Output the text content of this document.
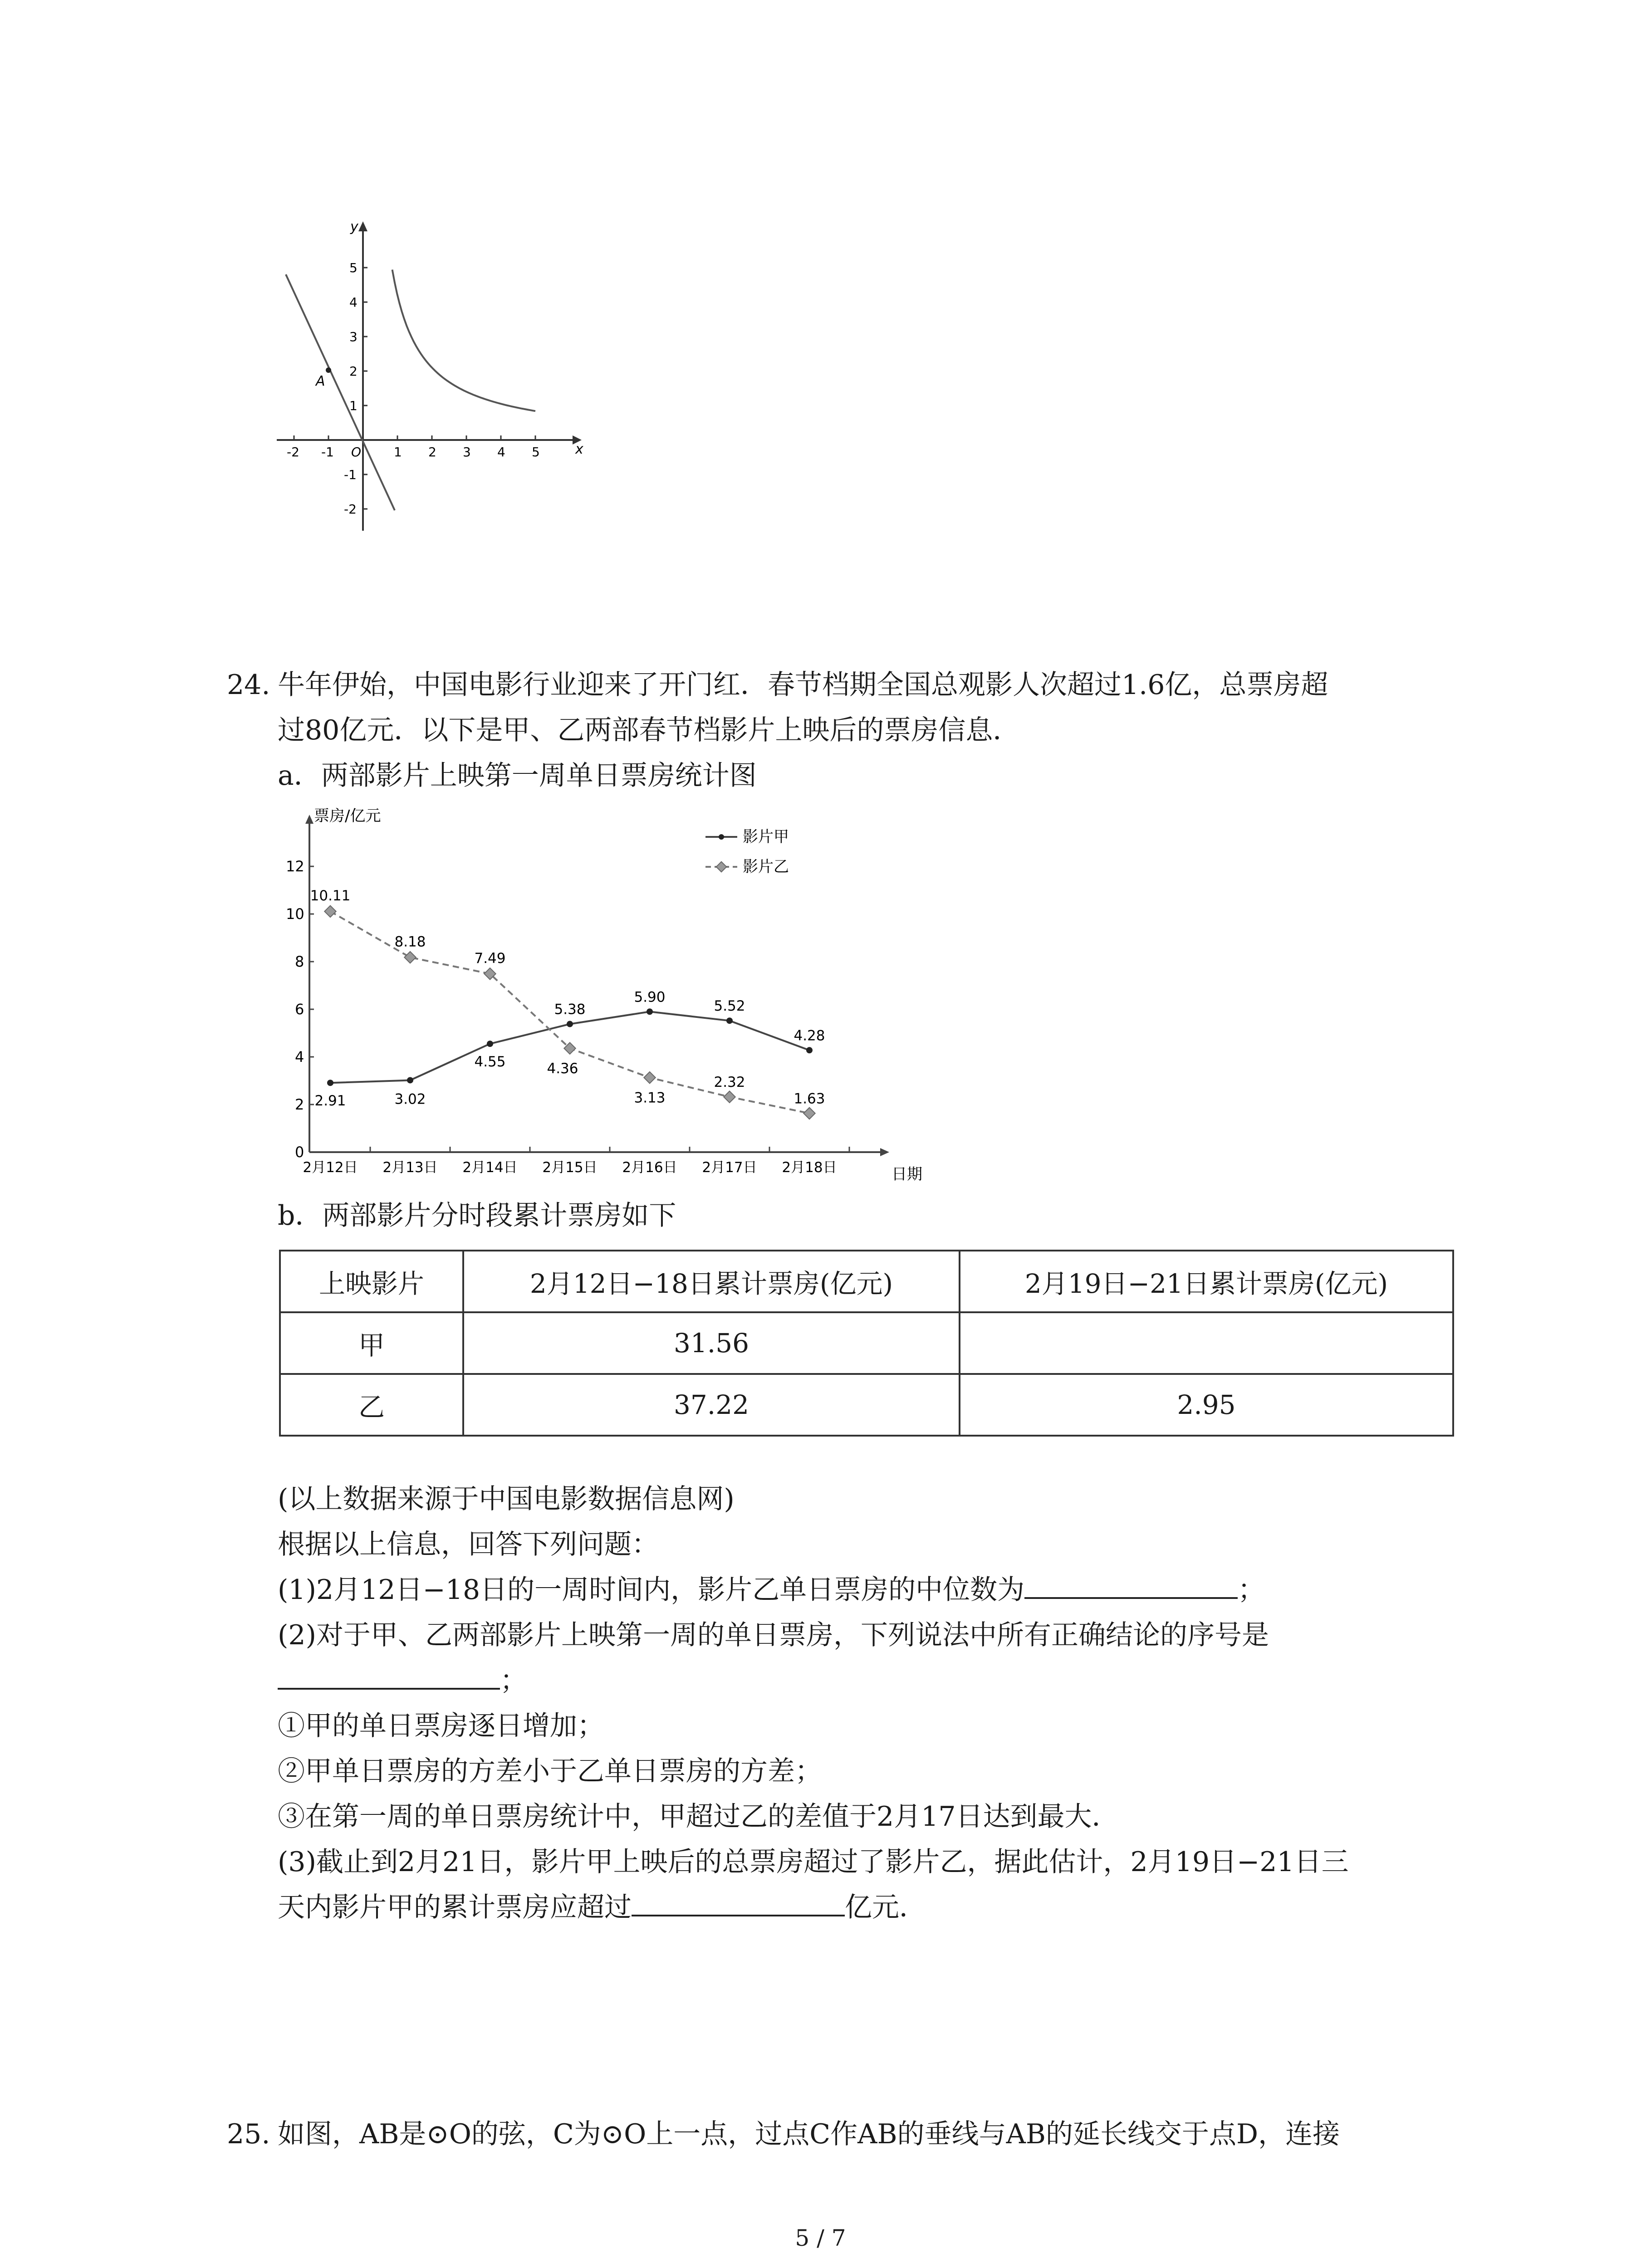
x
y
-2 -1 O	1 2 3 4 5
5
4
3
2
1
-1
-2
A
24. 牛年伊始，中国电影行业迎来了开门红．春节档期全国总观影人次超过1.6亿，总票房超
过80亿元．以下是甲、乙两部春节档影片上映后的票房信息．
a．两部影片上映第一周单日票房统计图
票房/亿元
日期
0
2
4
6
8
10
12
2月12日 2月13日 2月14日 2月15日 2月16日 2月17日 2月18日
2.91	3.02
4.55
5.38
5.90
5.52
4.28
10.11
8.18
7.49
4.36
3.13
2.32
1.63
影片甲
影片乙
b．两部影片分时段累计票房如下
上映影片	2月12日−18日累计票房(亿元)	2月19日−21日累计票房(亿元)
甲	31.56	
乙	37.22	2.95
(以上数据来源于中国电影数据信息网)
根据以上信息，回答下列问题：
(1)2月12日−18日的一周时间内，影片乙单日票房的中位数为	；
(2)对于甲、乙两部影片上映第一周的单日票房，下列说法中所有正确结论的序号是
；
①甲的单日票房逐日增加；
②甲单日票房的方差小于乙单日票房的方差；
③在第一周的单日票房统计中，甲超过乙的差值于2月17日达到最大．
(3)截止到2月21日，影片甲上映后的总票房超过了影片乙，据此估计，2月19日−21日三
天内影片甲的累计票房应超过	亿元．
25. 如图，AB是⊙O的弦，C为⊙O上一点，过点C作AB的垂线与AB的延长线交于点D，连接
5 / 7
